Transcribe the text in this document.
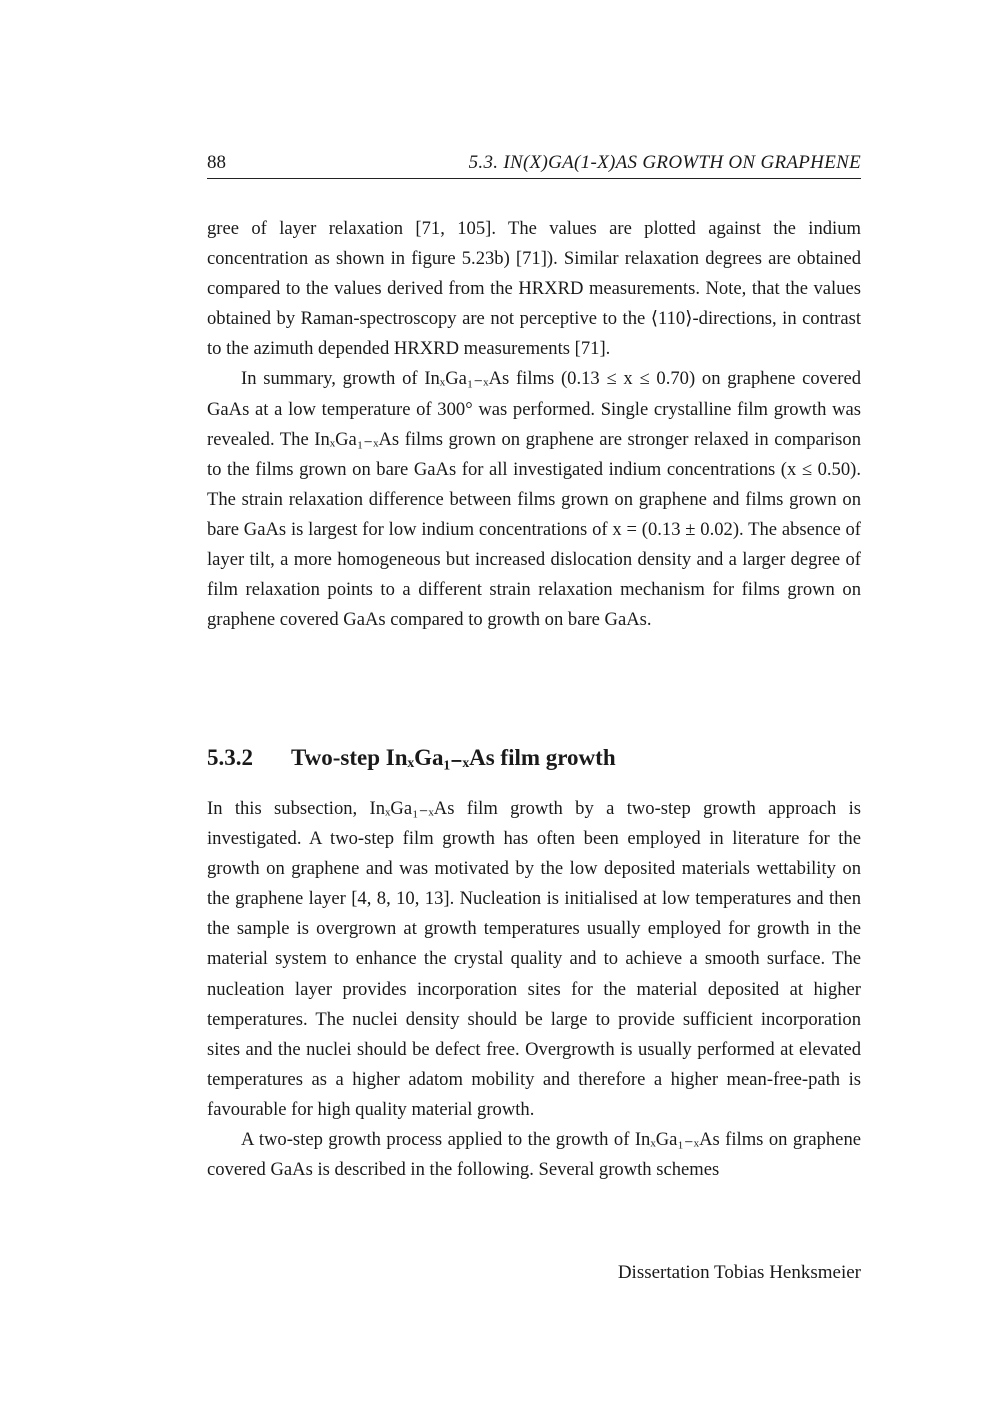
88	5.3. IN(X)GA(1-X)AS GROWTH ON GRAPHENE

gree of layer relaxation [71, 105]. The values are plotted against the indium concentration as shown in figure 5.23b) [71]). Similar relaxation degrees are obtained compared to the values derived from the HRXRD measurements. Note, that the values obtained by Raman-spectroscopy are not perceptive to the ⟨110⟩-directions, in contrast to the azimuth depended HRXRD measurements [71].

In summary, growth of InₓGa₁₋ₓAs films (0.13 ≤ x ≤ 0.70) on graphene covered GaAs at a low temperature of 300° was performed. Single crystalline film growth was revealed. The InₓGa₁₋ₓAs films grown on graphene are stronger relaxed in comparison to the films grown on bare GaAs for all investigated indium concentrations (x ≤ 0.50). The strain relaxation difference between films grown on graphene and films grown on bare GaAs is largest for low indium concentrations of x = (0.13 ± 0.02). The absence of layer tilt, a more homogeneous but increased dislocation density and a larger degree of film relaxation points to a different strain relaxation mechanism for films grown on graphene covered GaAs compared to growth on bare GaAs.

5.3.2 Two-step InₓGa₁₋ₓAs film growth

In this subsection, InₓGa₁₋ₓAs film growth by a two-step growth approach is investigated. A two-step film growth has often been employed in literature for the growth on graphene and was motivated by the low deposited materials wettability on the graphene layer [4, 8, 10, 13]. Nucleation is initialised at low temperatures and then the sample is overgrown at growth temperatures usually employed for growth in the material system to enhance the crystal quality and to achieve a smooth surface. The nucleation layer provides incorporation sites for the material deposited at higher temperatures. The nuclei density should be large to provide sufficient incorporation sites and the nuclei should be defect free. Overgrowth is usually performed at elevated temperatures as a higher adatom mobility and therefore a higher mean-free-path is favourable for high quality material growth.

A two-step growth process applied to the growth of InₓGa₁₋ₓAs films on graphene covered GaAs is described in the following. Several growth schemes

Dissertation Tobias Henksmeier
